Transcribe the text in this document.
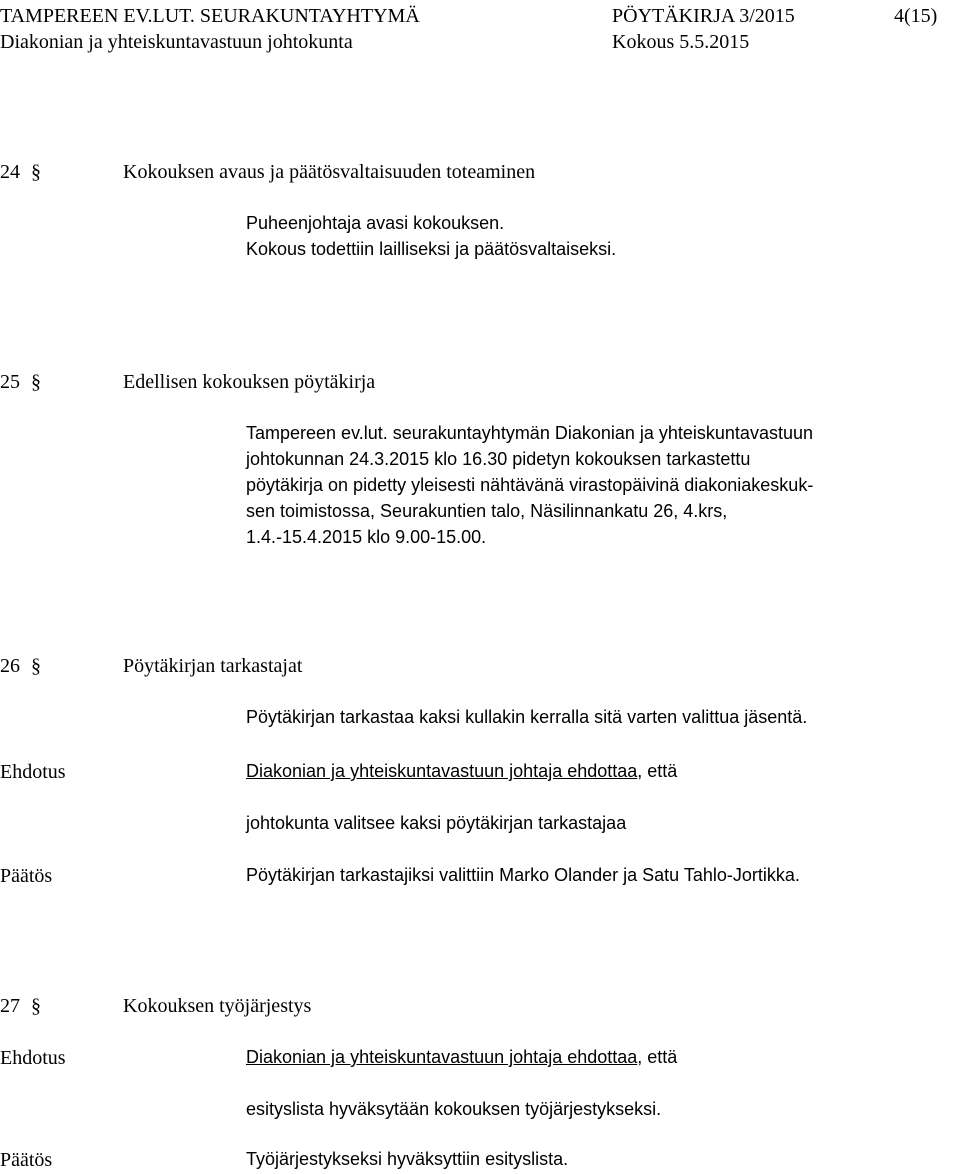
TAMPEREEN EV.LUT. SEURAKUNTAYHTYMÄ	PÖYTÄKIRJA 3/2015	4(15)
Diakonian ja yhteiskuntavastuun johtokunta	Kokous 5.5.2015
24 §	Kokouksen avaus ja päätösvaltaisuuden toteaminen
Puheenjohtaja avasi kokouksen.
Kokous todettiin lailliseksi ja päätösvaltaiseksi.
25 §	Edellisen kokouksen pöytäkirja
Tampereen ev.lut. seurakuntayhtymän Diakonian ja yhteiskuntavastuun
johtokunnan 24.3.2015 klo 16.30 pidetyn kokouksen tarkastettu
pöytäkirja on pidetty yleisesti nähtävänä virastopäivinä diakoniakeskuk-
sen toimistossa, Seurakuntien talo, Näsilinnankatu 26, 4.krs,
1.4.-15.4.2015 klo 9.00-15.00.
26 §	Pöytäkirjan tarkastajat
Pöytäkirjan tarkastaa kaksi kullakin kerralla sitä varten valittua jäsentä.
Ehdotus	Diakonian ja yhteiskuntavastuun johtaja ehdottaa, että
johtokunta valitsee kaksi pöytäkirjan tarkastajaa
Päätös	Pöytäkirjan tarkastajiksi valittiin Marko Olander ja Satu Tahlo-Jortikka.
27 §	Kokouksen työjärjestys
Ehdotus	Diakonian ja yhteiskuntavastuun johtaja ehdottaa, että
esityslista hyväksytään kokouksen työjärjestykseksi.
Päätös	Työjärjestykseksi hyväksyttiin esityslista.
